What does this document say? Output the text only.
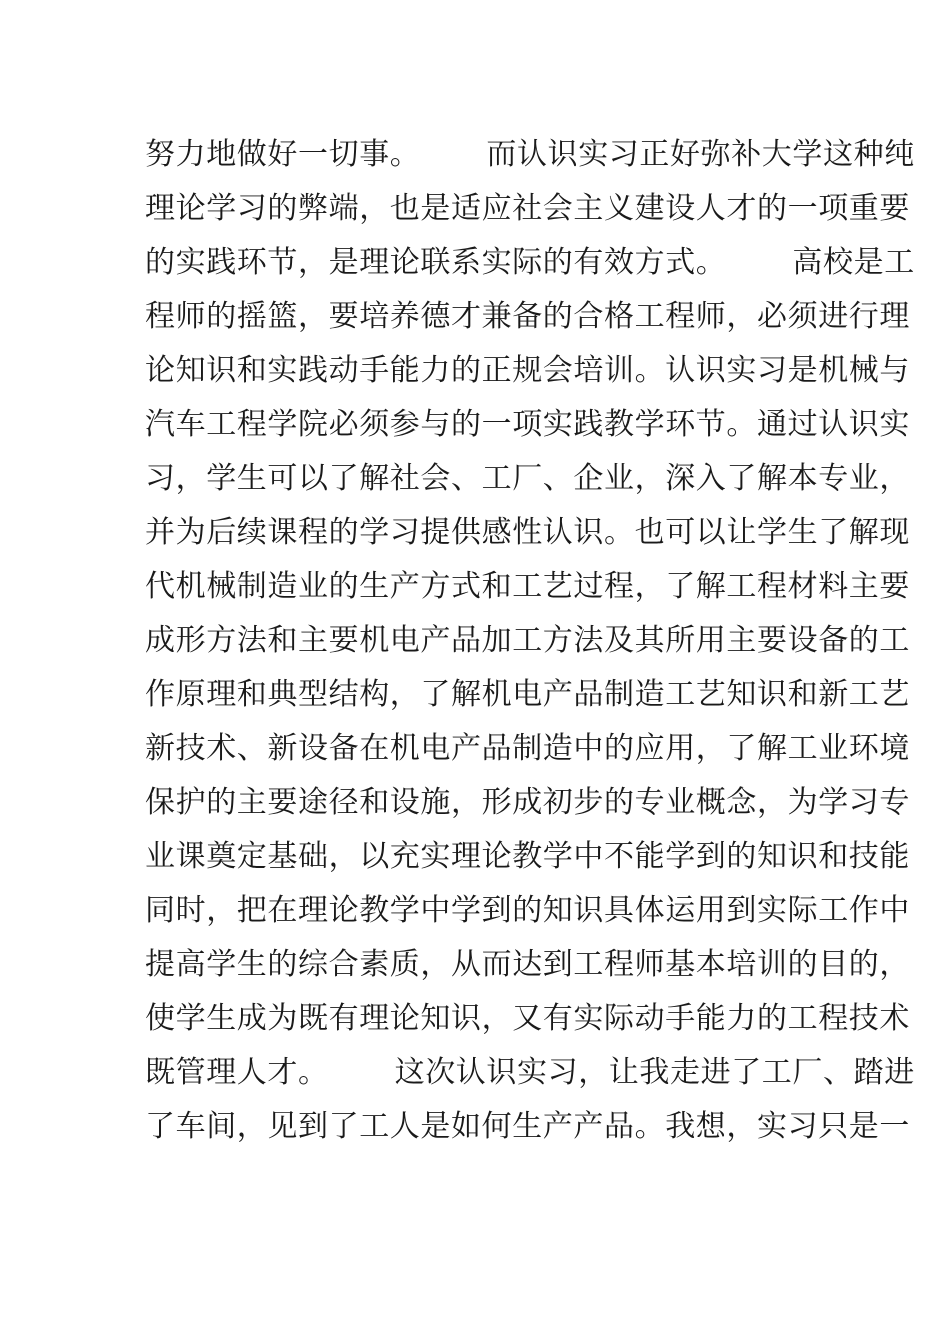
努力地做好一切事。 而认识实习正好弥补大学这种纯
理论学习的弊端，也是适应社会主义建设人才的一项重要
的实践环节，是理论联系实际的有效方式。 高校是工
程师的摇篮，要培养德才兼备的合格工程师，必须进行理
论知识和实践动手能力的正规会培训。认识实习是机械与
汽车工程学院必须参与的一项实践教学环节。通过认识实
习，学生可以了解社会、工厂、企业，深入了解本专业，
并为后续课程的学习提供感性认识。也可以让学生了解现
代机械制造业的生产方式和工艺过程，了解工程材料主要
成形方法和主要机电产品加工方法及其所用主要设备的工
作原理和典型结构，了解机电产品制造工艺知识和新工艺
新技术、新设备在机电产品制造中的应用，了解工业环境
保护的主要途径和设施，形成初步的专业概念，为学习专
业课奠定基础，以充实理论教学中不能学到的知识和技能
同时，把在理论教学中学到的知识具体运用到实际工作中
提高学生的综合素质，从而达到工程师基本培训的目的，
使学生成为既有理论知识，又有实际动手能力的工程技术
既管理人才。 这次认识实习，让我走进了工厂、踏进
了车间，见到了工人是如何生产产品。我想，实习只是一
